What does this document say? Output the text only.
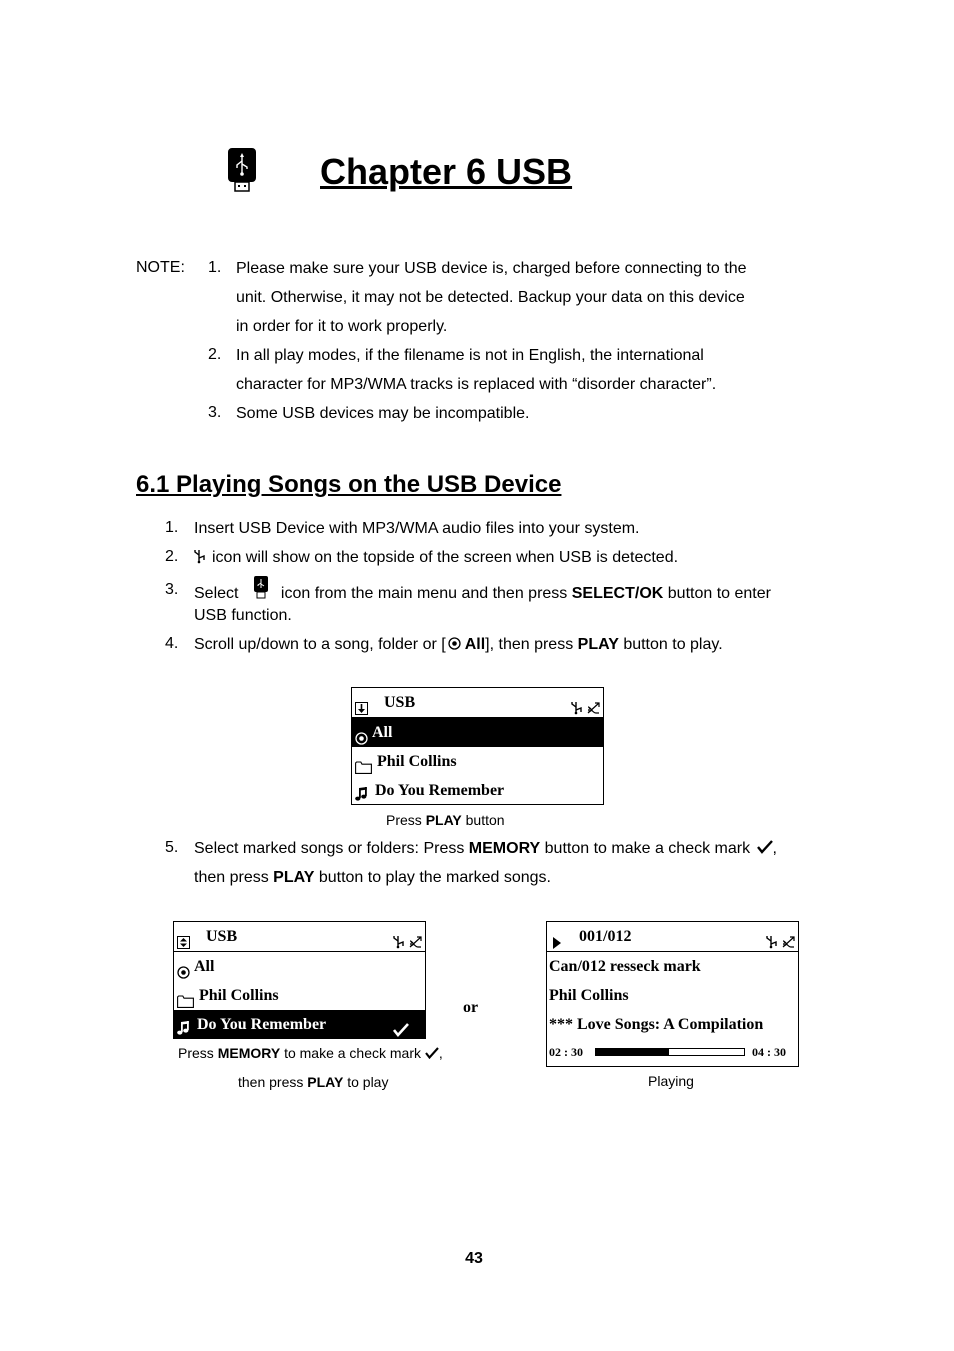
Chapter 6 USB
NOTE: 1. Please make sure your USB device is, charged before connecting to the
unit. Otherwise, it may not be detected. Backup your data on this device
in order for it to work properly.
2. In all play modes, if the filename is not in English, the international
character for MP3/WMA tracks is replaced with “disorder character”.
3. Some USB devices may be incompatible.
6.1 Playing Songs on the USB Device
1. Insert USB Device with MP3/WMA audio files into your system.
2.	icon will show on the topside of the screen when USB is detected.
3. Select	icon from the main menu and then press SELECT/OK button to enter
USB function.
4. Scroll up/down to a song, folder or [ All], then press PLAY button to play.
USB
All
Phil Collins
Do You Remember
Press PLAY button
5. Select marked songs or folders: Press MEMORY button to make a check mark ,
then press PLAY button to play the marked songs.
USB
All
Phil Collins
Do You Remember
Press MEMORY to make a check mark ,
then press PLAY to play
or
001/012
Can/012 resseck mark
Phil Collins
*** Love Songs: A Compilation
02 : 30	04 : 30
Playing
43
